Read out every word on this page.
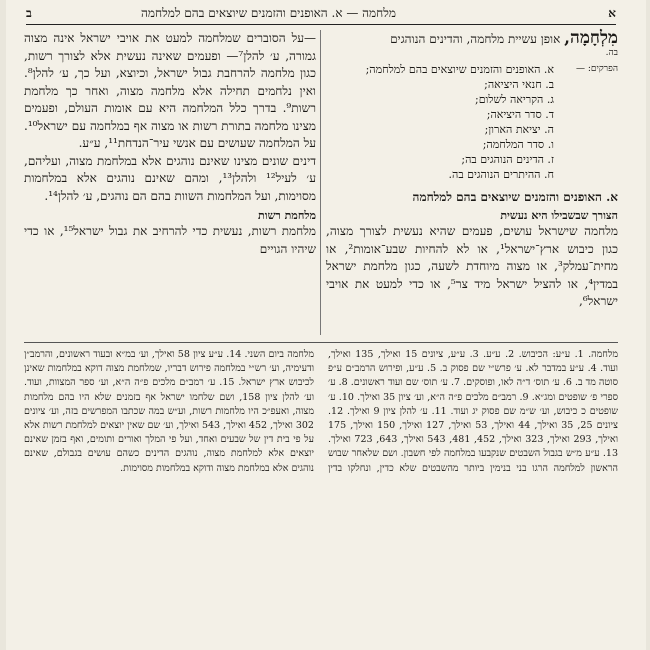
א
מלחמה — א. האופנים והזמנים שיוצאים בהם למלחמה
ב

מִלְחָמָה, אופן עשיית מלחמה, והדינים הנוהגים

בה.

הפרקים: —
א. האופנים והזמנים שיוצאים בהם למלחמה;
ב. חנאי היציאה;
ג. הקריאה לשלום;
ד. סדר היציאה;
ה. יציאת הארון;
ו. סדר המלחמה;
ז. הדינים הנוהגים בה;
ח. ההיתרים הנוהגים בה.
א. האופנים והזמנים שיוצאים בהם למלחמה
הצורך שבשבילו היא נעשית

מלחמה שישראל עושים, פעמים שהיא נעשית לצורך מצוה, כגון כיבוש ארץ־ישראל¹, או לא להחיות שבע־אומות², או מחית־עמלק³, או מצוה מיוחדת לשעה, כגון מלחמת ישראל במדין⁴, או להציל ישראל מיד צר⁵, או כדי למעט את אויבי ישראל⁶,

—על הסוברים שמלחמה למעט את אויבי ישראל אינה מצוה גמורה, ע׳ להלן⁷— ופעמים שאינה נעשית אלא לצורך רשות, כגון מלחמה להרחבת גבול ישראל, וכיוצא, ועל כך, ע׳ להלן⁸. ואין נלחמים תחילה אלא מלחמה מצוה, ואחר כך מלחמת רשות⁹. בדרך כלל המלחמה היא עם אומות העולם, ופעמים מצינו מלחמה בתורת רשות או מצוה אף במלחמה עם ישראל¹⁰. על המלחמה שעושים עם אנשי עיר־הנדחת¹¹, ע״ע.

דינים שונים מצינו שאינם נוהגים אלא במלחמת מצוה, ועליהם, ע׳ לעיל¹² ולהלן¹³, ומהם שאינם נוהגים אלא במלחמות מסוימות, ועל המלחמות השוות בהם הם נוהגים, ע׳ להלן¹⁴.

מלחמת רשות

מלחמת רשות, נעשית כדי להרחיב את גבול ישראל¹⁵, או כדי שיהיו הגויים

מלחמה. 1. ע״ע: הכיבוש. 2. ע״ע. 3. ע״ע, ציונים 15 ואילך, 135 ואילך, ועוד. 4. ע״ע במדבר לא. ע׳ פרש״י שם פסוק ב. 5. ע״ע, ופירוש הרמב״ם ע״פ סוטה מד ב. 6. ע׳ תוס׳ ד״ה לאו, ופוסקים. 7. ע׳ תוס׳ שם ועוד ראשונים. 8. ע׳ ספרי פ׳ שופטים ומג״א. 9. רמב״ם מלכים פ״ה ה״א, וע׳ ציון 35 ואילך. 10. ע׳ שופטים כ כיבוש, וע׳ ש״מ שם פסוק יג ועוד. 11. ע׳ להלן ציון 9 ואילך. 12. ציונים 25, 35 ואילך, 44 ואילך, 53 ואילך, 127 ואילך, 150 ואילך, 175 ואילך, 293 ואילך, 323 ואילך, 452, 481, 543 ואילך, 643, 723 ואילך. 13. ע״ע מ״ש בגבול השבטים שנקבעו במלחמה לפי חשבון. ושם שלאחר שבוש הראשון למלחמה הרגו בני בנימין ביותר מהשבטים שלא כדין, ונחלקו בדין מלחמה ביום השני. 14. ע״ע ציון 58 ואילך, וע׳ במ״א ובעוד ראשונים, והרמב״ן ודעימיה, וע׳ רש״י במלחמה פירוש דבריו, שמלחמת מצוה דוקא במלחמות שאינן לכיבוש ארץ ישראל. 15. ע׳ רמב״ם מלכים פ״ה ה״א, וע׳ ספר המצוות, ועוד. וע׳ להלן ציון 158, ושם שלחמו ישראל אף בזמנים שלא היו בהם מלחמות מצוה, ואעפ״כ היו מלחמות רשות, וע״ש במה שכתבו המפרשים בזה, וע׳ ציונים 302 ואילך, 452 ואילך, 543 ואילך, וע׳ שם שאין יוצאים למלחמת רשות אלא על פי בית דין של שבעים ואחד, ועל פי המלך ואורים ותומים, ואף בזמן שאינם יוצאים אלא למלחמת מצוה, נוהגים הדינים כשהם עושים בגבולם, שאינם נוהגים אלא במלחמת מצוה ודוקא במלחמות מסוימות.
